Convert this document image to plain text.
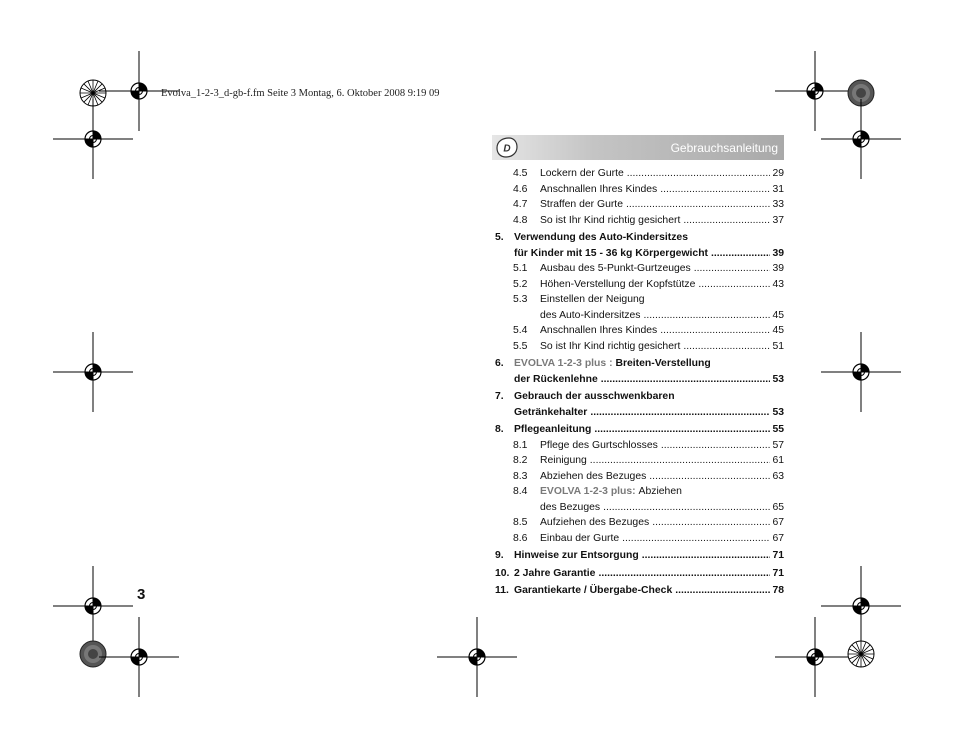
Evolva_1-2-3_d-gb-f.fm Seite 3 Montag, 6. Oktober 2008 9:19 09
D	Gebrauchsanleitung
4.5	Lockern der Gurte .....	29
4.6	Anschnallen Ihres Kindes .....	31
4.7	Straffen der Gurte .....	33
4.8	So ist Ihr Kind richtig gesichert .....	37
5. Verwendung des Auto-Kindersitzes
für Kinder mit 15 - 36 kg Körpergewicht .....	39
5.1	Ausbau des 5-Punkt-Gurtzeuges .....	39
5.2	Höhen-Verstellung der Kopfstütze .....	43
5.3	Einstellen der Neigung
des Auto-Kindersitzes .....	45
5.4	Anschnallen Ihres Kindes .....	45
5.5	So ist Ihr Kind richtig gesichert .....	51
6. EVOLVA 1-2-3 plus :
Breiten-Verstellung
der Rückenlehne .....	53
7. Gebrauch der ausschwenkbaren
Getränkehalter .....	53
8. Pflegeanleitung .....	55
8.1	Pflege des Gurtschlosses .....	57
8.2	Reinigung .....	61
8.3	Abziehen des Bezuges .....	63
8.4	EVOLVA 1-2-3 plus:
Abziehen
des Bezuges .....	65
8.5	Aufziehen des Bezuges .....	67
8.6	Einbau der Gurte .....	67
9. Hinweise zur Entsorgung .....	71
10. 2 Jahre Garantie .....	71
11. Garantiekarte / Übergabe-Check .....	78
3
